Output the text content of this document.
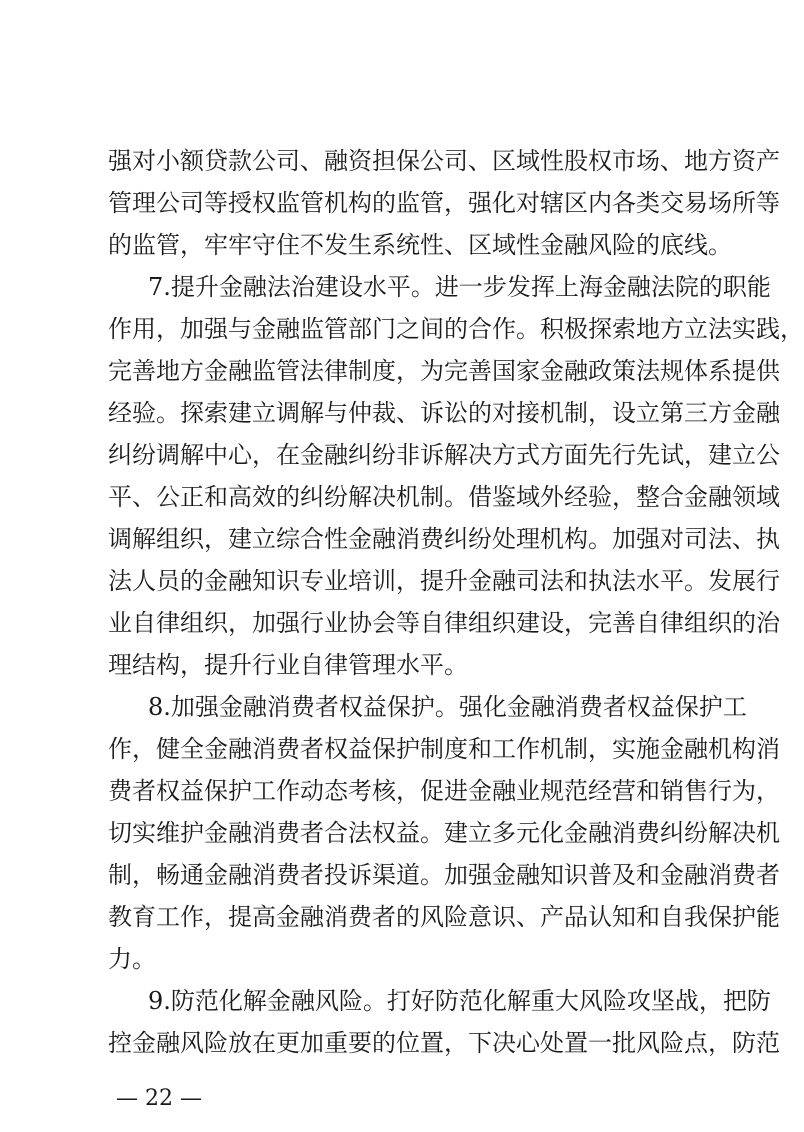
强对小额贷款公司、融资担保公司、区域性股权市场、地方资产
管理公司等授权监管机构的监管，强化对辖区内各类交易场所等
的监管，牢牢守住不发生系统性、区域性金融风险的底线。
7.提升金融法治建设水平。进一步发挥上海金融法院的职能
作用，加强与金融监管部门之间的合作。积极探索地方立法实践，
完善地方金融监管法律制度，为完善国家金融政策法规体系提供
经验。探索建立调解与仲裁、诉讼的对接机制，设立第三方金融
纠纷调解中心，在金融纠纷非诉解决方式方面先行先试，建立公
平、公正和高效的纠纷解决机制。借鉴域外经验，整合金融领域
调解组织，建立综合性金融消费纠纷处理机构。加强对司法、执
法人员的金融知识专业培训，提升金融司法和执法水平。发展行
业自律组织，加强行业协会等自律组织建设，完善自律组织的治
理结构，提升行业自律管理水平。
8.加强金融消费者权益保护。强化金融消费者权益保护工
作，健全金融消费者权益保护制度和工作机制，实施金融机构消
费者权益保护工作动态考核，促进金融业规范经营和销售行为，
切实维护金融消费者合法权益。建立多元化金融消费纠纷解决机
制，畅通金融消费者投诉渠道。加强金融知识普及和金融消费者
教育工作，提高金融消费者的风险意识、产品认知和自我保护能
力。
9.防范化解金融风险。打好防范化解重大风险攻坚战，把防
— 22 —
控金融风险放在更加重要的位置，下决心处置一批风险点，防范
